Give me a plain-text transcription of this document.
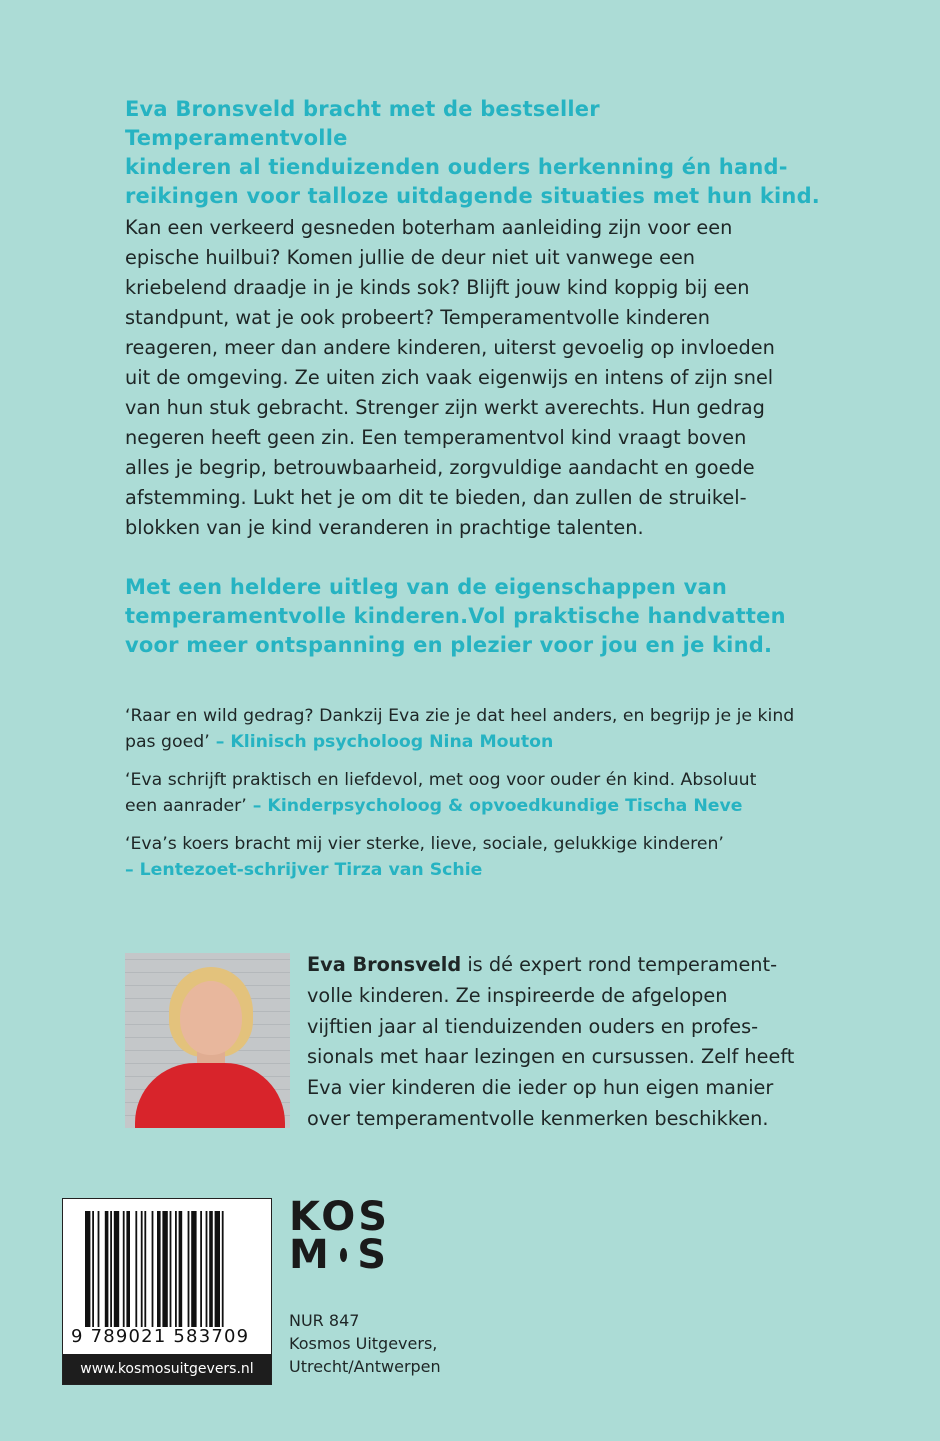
Eva Bronsveld bracht met de bestseller Temperamentvolle
kinderen al tienduizenden ouders herkenning én hand-
reikingen voor talloze uitdagende situaties met hun kind.
Kan een verkeerd gesneden boterham aanleiding zijn voor een
epische huilbui? Komen jullie de deur niet uit vanwege een
kriebelend draadje in je kinds sok? Blijft jouw kind koppig bij een
standpunt, wat je ook probeert? Temperamentvolle kinderen
reageren, meer dan andere kinderen, uiterst gevoelig op invloeden
uit de omgeving. Ze uiten zich vaak eigenwijs en intens of zijn snel
van hun stuk gebracht. Strenger zijn werkt averechts. Hun gedrag
negeren heeft geen zin. Een temperamentvol kind vraagt boven
alles je begrip, betrouwbaarheid, zorgvuldige aandacht en goede
afstemming. Lukt het je om dit te bieden, dan zullen de struikel-
blokken van je kind veranderen in prachtige talenten.
Met een heldere uitleg van de eigenschappen van
temperamentvolle kinderen.Vol praktische handvatten
voor meer ontspanning en plezier voor jou en je kind.
‘Raar en wild gedrag? Dankzij Eva zie je dat heel anders, en begrijp je je kind
pas goed’ – Klinisch psycholoog Nina Mouton
‘Eva schrijft praktisch en liefdevol, met oog voor ouder én kind. Absoluut
een aanrader’ – Kinderpsycholoog & opvoedkundige Tischa Neve
‘Eva’s koers bracht mij vier sterke, lieve, sociale, gelukkige kinderen’
– Lentezoet-schrijver Tirza van Schie
Eva Bronsveld is dé expert rond temperament-
volle kinderen. Ze inspireerde de afgelopen
vijftien jaar al tienduizenden ouders en profes-
sionals met haar lezingen en cursussen. Zelf heeft
Eva vier kinderen die ieder op hun eigen manier
over temperamentvolle kenmerken beschikken.
9 789021 583709
www.kosmosuitgevers.nl
KOS
M S
NUR 847
Kosmos Uitgevers,
Utrecht/Antwerpen
